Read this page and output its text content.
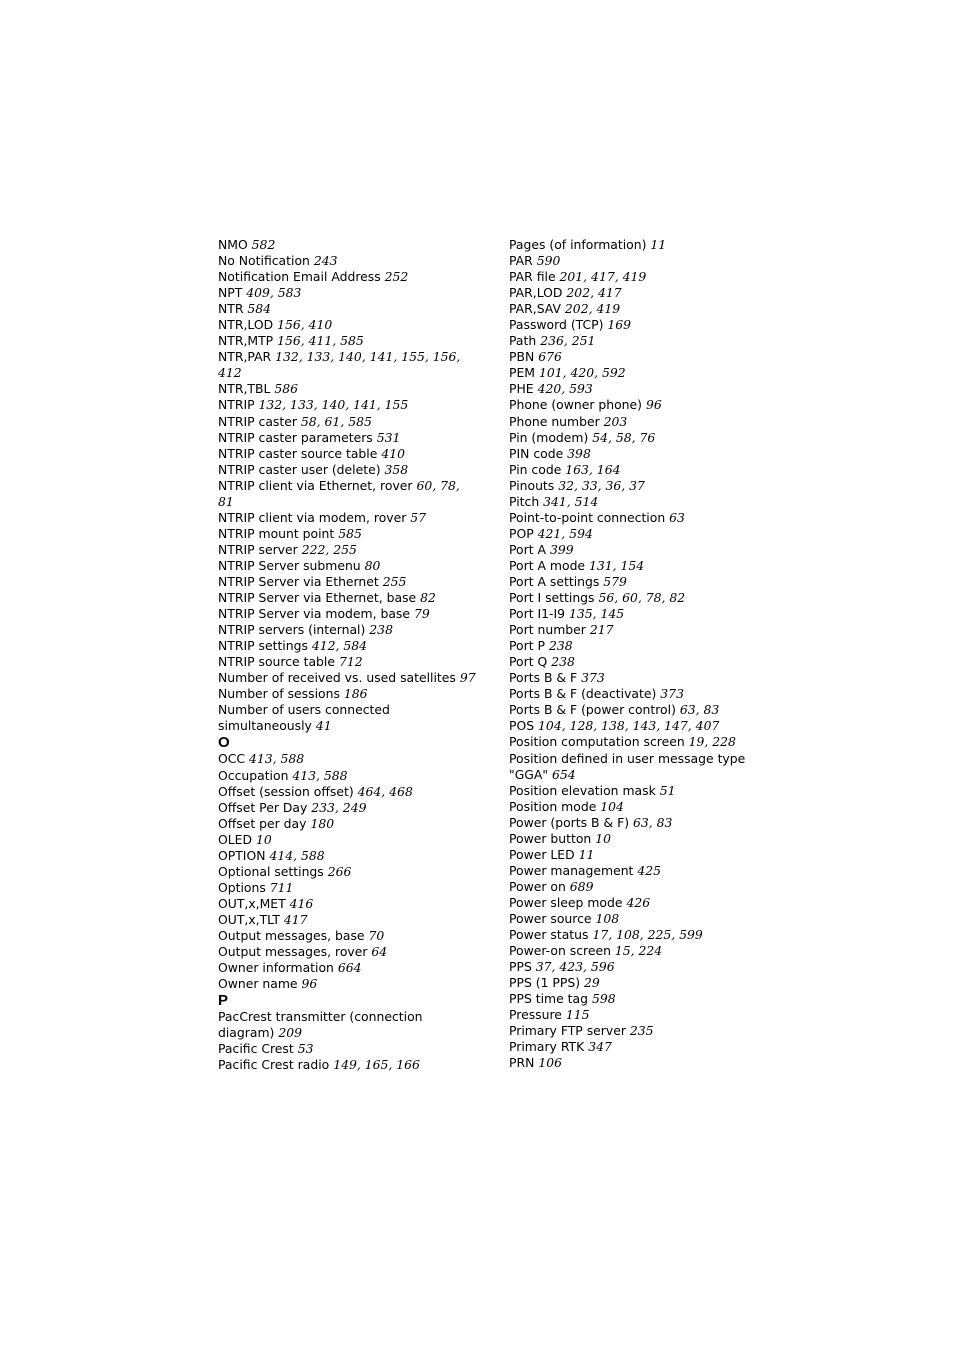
NMO 582
No Notification 243
Notification Email Address 252
NPT 409, 583
NTR 584
NTR,LOD 156, 410
NTR,MTP 156, 411, 585
NTR,PAR 132, 133, 140, 141, 155, 156, 412
NTR,TBL 586
NTRIP 132, 133, 140, 141, 155
NTRIP caster 58, 61, 585
NTRIP caster parameters 531
NTRIP caster source table 410
NTRIP caster user (delete) 358
NTRIP client via Ethernet, rover 60, 78, 81
NTRIP client via modem, rover 57
NTRIP mount point 585
NTRIP server 222, 255
NTRIP Server submenu 80
NTRIP Server via Ethernet 255
NTRIP Server via Ethernet, base 82
NTRIP Server via modem, base 79
NTRIP servers (internal) 238
NTRIP settings 412, 584
NTRIP source table 712
Number of received vs. used satellites 97
Number of sessions 186
Number of users connected simultaneously 41
O
OCC 413, 588
Occupation 413, 588
Offset (session offset) 464, 468
Offset Per Day 233, 249
Offset per day 180
OLED 10
OPTION 414, 588
Optional settings 266
Options 711
OUT,x,MET 416
OUT,x,TLT 417
Output messages, base 70
Output messages, rover 64
Owner information 664
Owner name 96
P
PacCrest transmitter (connection diagram) 209
Pacific Crest 53
Pacific Crest radio 149, 165, 166
Pages (of information) 11
PAR 590
PAR file 201, 417, 419
PAR,LOD 202, 417
PAR,SAV 202, 419
Password (TCP) 169
Path 236, 251
PBN 676
PEM 101, 420, 592
PHE 420, 593
Phone (owner phone) 96
Phone number 203
Pin (modem) 54, 58, 76
PIN code 398
Pin code 163, 164
Pinouts 32, 33, 36, 37
Pitch 341, 514
Point-to-point connection 63
POP 421, 594
Port A 399
Port A mode 131, 154
Port A settings 579
Port I settings 56, 60, 78, 82
Port I1-I9 135, 145
Port number 217
Port P 238
Port Q 238
Ports B & F 373
Ports B & F (deactivate) 373
Ports B & F (power control) 63, 83
POS 104, 128, 138, 143, 147, 407
Position computation screen 19, 228
Position defined in user message type "GGA" 654
Position elevation mask 51
Position mode 104
Power (ports B & F) 63, 83
Power button 10
Power LED 11
Power management 425
Power on 689
Power sleep mode 426
Power source 108
Power status 17, 108, 225, 599
Power-on screen 15, 224
PPS 37, 423, 596
PPS (1 PPS) 29
PPS time tag 598
Pressure 115
Primary FTP server 235
Primary RTK 347
PRN 106
